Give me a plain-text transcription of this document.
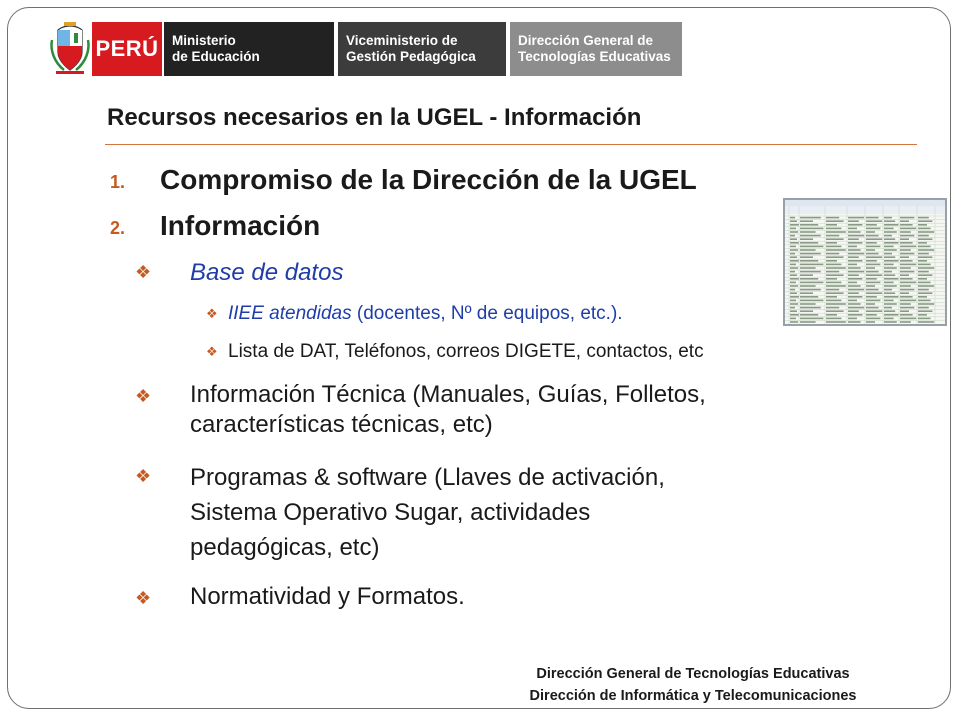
PERÚ Ministerio
de Educación
Viceministerio de
Gestión Pedagógica
Dirección General de
Tecnologías Educativas
Recursos necesarios en la UGEL - Información
1. Compromiso de la Dirección de la UGEL
2. Información
❖ Base de datos
❖ IIEE atendidas (docentes, Nº de equipos, etc.).
❖ Lista de DAT, Teléfonos, correos DIGETE, contactos, etc
❖ Información Técnica (Manuales, Guías, Folletos,
características técnicas, etc)
❖ Programas & software (Llaves de activación,
Sistema Operativo Sugar, actividades
pedagógicas, etc)
❖ Normatividad y Formatos.
Dirección General de Tecnologías Educativas
Dirección de Informática y Telecomunicaciones
